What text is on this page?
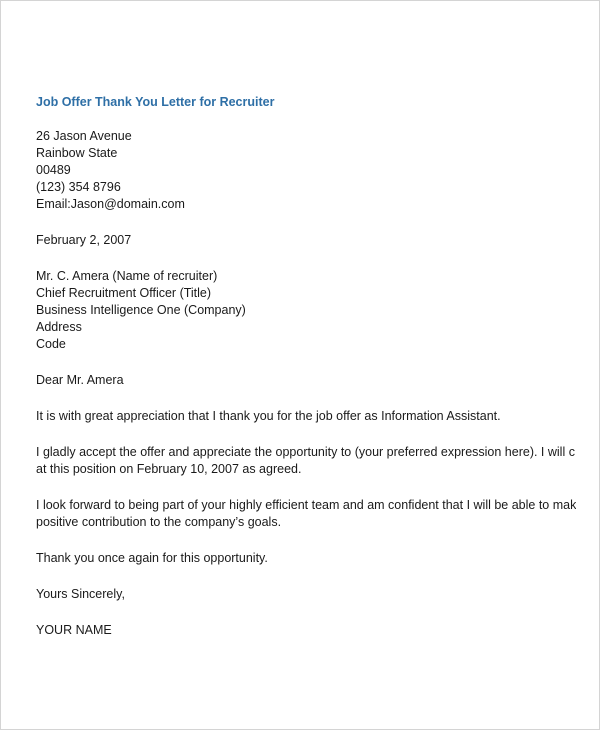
Job Offer Thank You Letter for Recruiter
26 Jason Avenue
Rainbow State
00489
(123) 354 8796
Email:Jason@domain.com
February 2, 2007
Mr. C. Amera (Name of recruiter)
Chief Recruitment Officer (Title)
Business Intelligence One (Company)
Address
Code
Dear Mr. Amera
It is with great appreciation that I thank you for the job offer as Information Assistant.
I gladly accept the offer and appreciate the opportunity to (your preferred expression here). I will c
at this position on February 10, 2007 as agreed.
I look forward to being part of your highly efficient team and am confident that I will be able to mak
positive contribution to the company’s goals.
Thank you once again for this opportunity.
Yours Sincerely,
YOUR NAME
